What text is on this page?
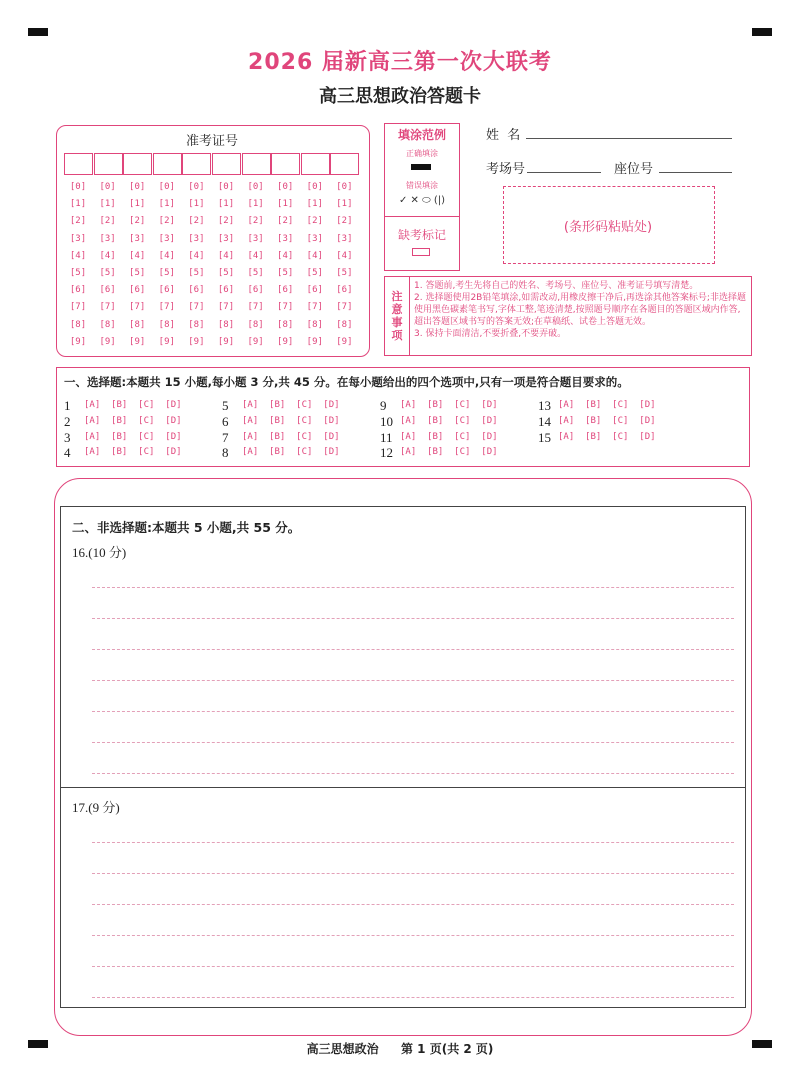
2026 届新高三第一次大联考
高三思想政治答题卡
准考证号
[0]
[1]
[2]
[3]
[4]
[5]
[6]
[7]
[8]
[9]
[0]
[1]
[2]
[3]
[4]
[5]
[6]
[7]
[8]
[9]
[0]
[1]
[2]
[3]
[4]
[5]
[6]
[7]
[8]
[9]
[0]
[1]
[2]
[3]
[4]
[5]
[6]
[7]
[8]
[9]
[0]
[1]
[2]
[3]
[4]
[5]
[6]
[7]
[8]
[9]
[0]
[1]
[2]
[3]
[4]
[5]
[6]
[7]
[8]
[9]
[0]
[1]
[2]
[3]
[4]
[5]
[6]
[7]
[8]
[9]
[0]
[1]
[2]
[3]
[4]
[5]
[6]
[7]
[8]
[9]
[0]
[1]
[2]
[3]
[4]
[5]
[6]
[7]
[8]
[9]
[0]
[1]
[2]
[3]
[4]
[5]
[6]
[7]
[8]
[9]
填涂范例
正确填涂
错误填涂
✓ ✕ ⬭ (|)
缺考标记
姓  名
考场号	座位号
(条形码粘贴处)
注意事项
1. 答题前,考生先将自己的姓名、考场号、座位号、准考证号填写清楚。
2. 选择题使用2B铅笔填涂,如需改动,用橡皮擦干净后,再选涂其他答案标号;非选择题使用黑色碳素笔书写,字体工整,笔迹清楚,按照题号顺序在各题目的答题区域内作答,超出答题区域书写的答案无效;在草稿纸、试卷上答题无效。
3. 保持卡面清洁,不要折叠,不要弄破。
一、选择题:本题共 15 小题,每小题 3 分,共 45 分。在每小题给出的四个选项中,只有一项是符合题目要求的。
1 [A]  [B]  [C]  [D]
2 [A]  [B]  [C]  [D]
3 [A]  [B]  [C]  [D]
4 [A]  [B]  [C]  [D]
5 [A]  [B]  [C]  [D]
6 [A]  [B]  [C]  [D]
7 [A]  [B]  [C]  [D]
8 [A]  [B]  [C]  [D]
9 [A]  [B]  [C]  [D]
10 [A]  [B]  [C]  [D]
11 [A]  [B]  [C]  [D]
12 [A]  [B]  [C]  [D]
13 [A]  [B]  [C]  [D]
14 [A]  [B]  [C]  [D]
15 [A]  [B]  [C]  [D]
二、非选择题:本题共 5 小题,共 55 分。
16.(10 分)
17.(9 分)
高三思想政治 第 1 页(共 2 页)
